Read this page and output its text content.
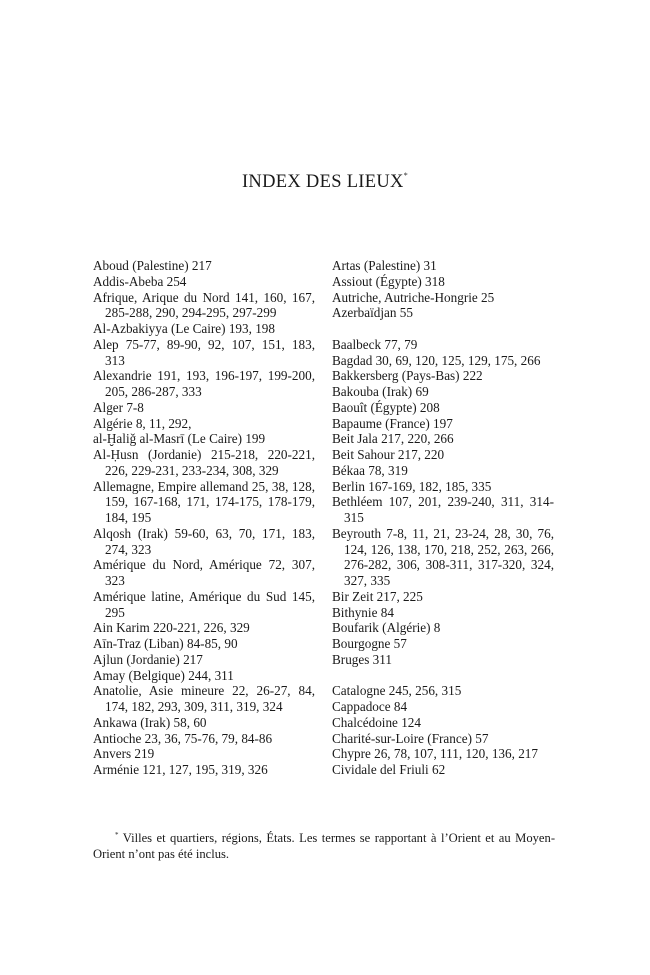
INDEX DES LIEUX*

Aboud (Palestine) 217

Addis-Abeba 254

Afrique, Arique du Nord 141, 160, 167, 285-288, 290, 294-295, 297-299

Al-Azbakiyya (Le Caire) 193, 198

Alep 75-77, 89-90, 92, 107, 151, 183, 313

Alexandrie 191, 193, 196-197, 199-200, 205, 286-287, 333

Alger 7-8

Algérie 8, 11, 292,

al-Ḫaliǧ al-Masrī (Le Caire) 199

Al-Ḥusn (Jordanie) 215-218, 220-221, 226, 229-231, 233-234, 308, 329

Allemagne, Empire allemand 25, 38, 128, 159, 167-168, 171, 174-175, 178-179, 184, 195

Alqosh (Irak) 59-60, 63, 70, 171, 183, 274, 323

Amérique du Nord, Amérique 72, 307, 323

Amérique latine, Amérique du Sud 145, 295

Ain Karim 220-221, 226, 329

Aīn-Traz (Liban) 84-85, 90

Ajlun (Jordanie) 217

Amay (Belgique) 244, 311

Anatolie, Asie mineure 22, 26-27, 84, 174, 182, 293, 309, 311, 319, 324

Ankawa (Irak) 58, 60

Antioche 23, 36, 75-76, 79, 84-86

Anvers 219

Arménie 121, 127, 195, 319, 326

Artas (Palestine) 31

Assiout (Égypte) 318

Autriche, Autriche-Hongrie 25

Azerbaïdjan 55

Baalbeck 77, 79

Bagdad 30, 69, 120, 125, 129, 175, 266

Bakkersberg (Pays-Bas) 222

Bakouba (Irak) 69

Baouît (Égypte) 208

Bapaume (France) 197

Beit Jala 217, 220, 266

Beit Sahour 217, 220

Békaa 78, 319

Berlin 167-169, 182, 185, 335

Bethléem 107, 201, 239-240, 311, 314-315

Beyrouth 7-8, 11, 21, 23-24, 28, 30, 76, 124, 126, 138, 170, 218, 252, 263, 266, 276-282, 306, 308-311, 317-320, 324, 327, 335

Bir Zeit 217, 225

Bithynie 84

Boufarik (Algérie) 8

Bourgogne 57

Bruges 311

Catalogne 245, 256, 315

Cappadoce 84

Chalcédoine 124

Charité-sur-Loire (France) 57

Chypre 26, 78, 107, 111, 120, 136, 217

Cividale del Friuli 62

* Villes et quartiers, régions, États. Les termes se rapportant à l’Orient et au Moyen-Orient n’ont pas été inclus.
